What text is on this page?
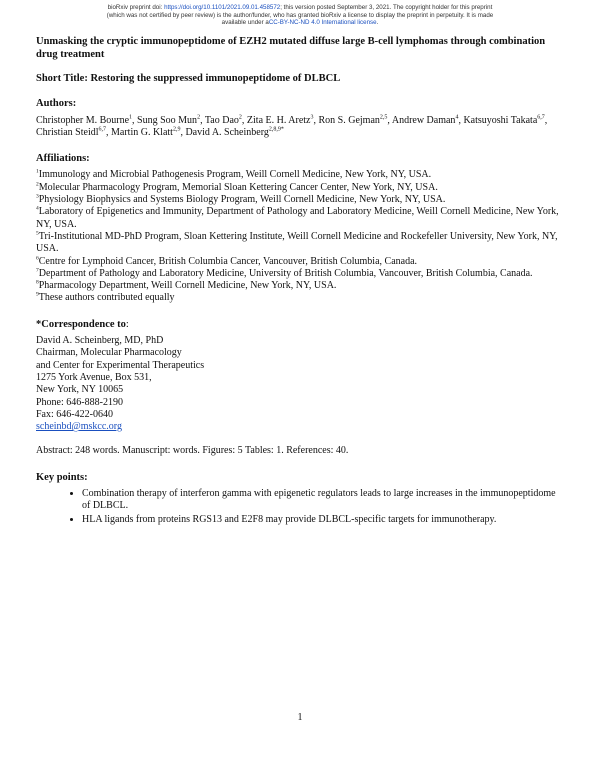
bioRxiv preprint doi: https://doi.org/10.1101/2021.09.01.458572; this version posted September 3, 2021. The copyright holder for this preprint
(which was not certified by peer review) is the author/funder, who has granted bioRxiv a license to display the preprint in perpetuity. It is made
available under aCC-BY-NC-ND 4.0 International license.
Unmasking the cryptic immunopeptidome of EZH2 mutated diffuse large B-cell lymphomas through combination drug treatment
Short Title: Restoring the suppressed immunopeptidome of DLBCL
Authors:
Christopher M. Bourne$^1$, Sung Soo Mun$^2$, Tao Dao$^2$, Zita E. H. Aretz$^3$, Ron S. Gejman$^{2,5}$, Andrew Daman$^4$, Katsuyoshi Takata$^{6,7}$, Christian Steidl$^{6,7}$, Martin G. Klatt$^{2,9}$, David A. Scheinberg$^{2,8,9*}$
Affiliations:
$^1$Immunology and Microbial Pathogenesis Program, Weill Cornell Medicine, New York, NY, USA.
$^2$Molecular Pharmacology Program, Memorial Sloan Kettering Cancer Center, New York, NY, USA.
$^3$Physiology Biophysics and Systems Biology Program, Weill Cornell Medicine, New York, NY, USA.
$^4$Laboratory of Epigenetics and Immunity, Department of Pathology and Laboratory Medicine, Weill Cornell Medicine, New York, NY, USA.
$^5$Tri-Institutional MD-PhD Program, Sloan Kettering Institute, Weill Cornell Medicine and Rockefeller University, New York, NY, USA.
$^6$Centre for Lymphoid Cancer, British Columbia Cancer, Vancouver, British Columbia, Canada.
$^7$Department of Pathology and Laboratory Medicine, University of British Columbia, Vancouver, British Columbia, Canada.
$^8$Pharmacology Department, Weill Cornell Medicine, New York, NY, USA.
$^9$These authors contributed equally
*Correspondence to:
David A. Scheinberg, MD, PhD
Chairman, Molecular Pharmacology
and Center for Experimental Therapeutics
1275 York Avenue, Box 531,
New York, NY 10065
Phone: 646-888-2190
Fax: 646-422-0640
scheinbd@mskcc.org
Abstract: 248 words. Manuscript: words. Figures: 5 Tables: 1. References: 40.
Key points:
• Combination therapy of interferon gamma with epigenetic regulators leads to large increases in the immunopeptidome of DLBCL.
• HLA ligands from proteins RGS13 and E2F8 may provide DLBCL-specific targets for immunotherapy.
1
